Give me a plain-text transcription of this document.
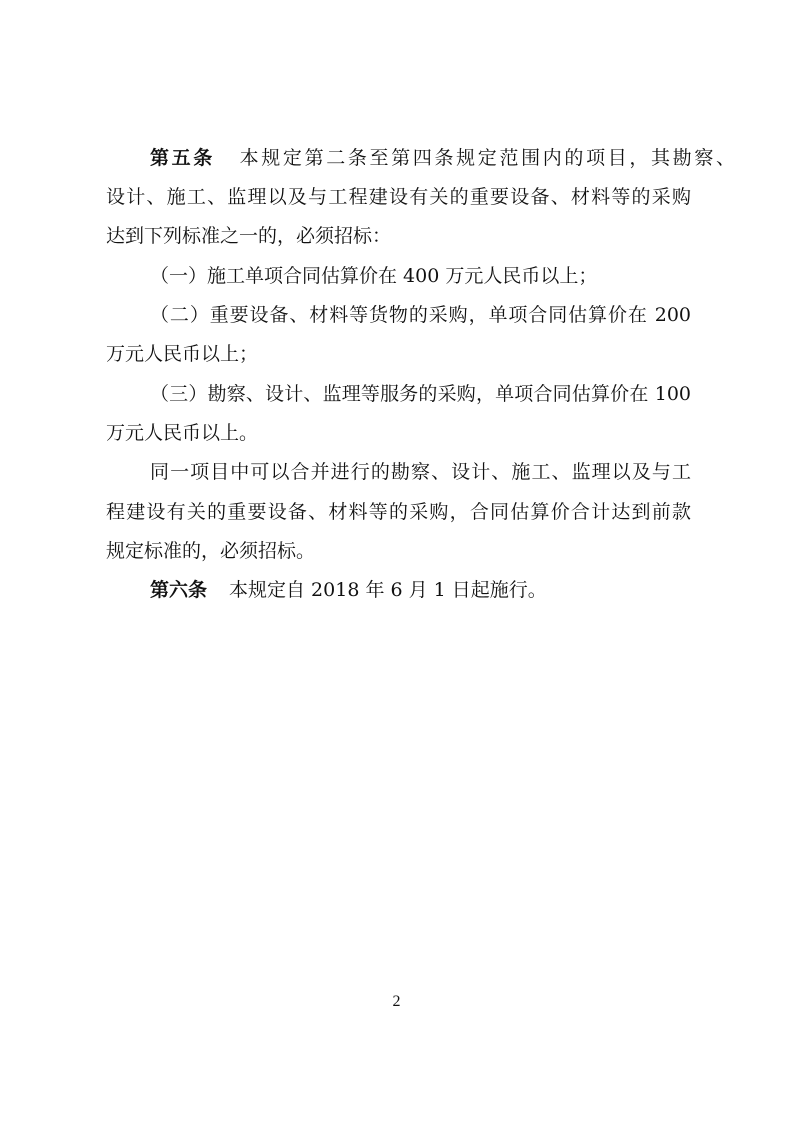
第五条 本规定第二条至第四条规定范围内的项目，其勘察、
设计、施工、监理以及与工程建设有关的重要设备、材料等的采购
达到下列标准之一的，必须招标：
（一）施工单项合同估算价在 400 万元人民币以上；
（二）重要设备、材料等货物的采购，单项合同估算价在 200
万元人民币以上；
（三）勘察、设计、监理等服务的采购，单项合同估算价在 100
万元人民币以上。
同一项目中可以合并进行的勘察、设计、施工、监理以及与工
程建设有关的重要设备、材料等的采购，合同估算价合计达到前款
规定标准的，必须招标。
第六条 本规定自 2018 年 6 月 1 日起施行。
2
